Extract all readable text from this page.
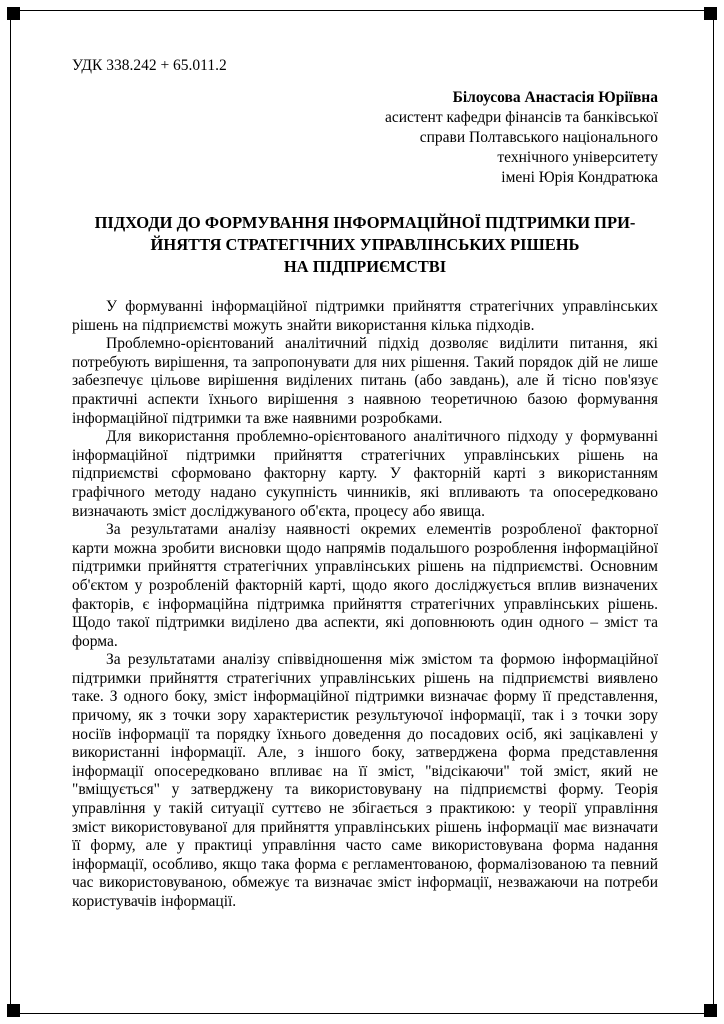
УДК 338.242 + 65.011.2
Білоусова Анастасія Юріївна
асистент кафедри фінансів та банківської
справи Полтавського національного
технічного університету
імені Юрія Кондратюка
ПІДХОДИ ДО ФОРМУВАННЯ ІНФОРМАЦІЙНОЇ ПІДТРИМКИ ПРИ-
ЙНЯТТЯ СТРАТЕГІЧНИХ УПРАВЛІНСЬКИХ РІШЕНЬ
НА ПІДПРИЄМСТВІ

У формуванні інформаційної підтримки прийняття стратегічних управлінських рішень на підприємстві можуть знайти використання кілька підходів.

Проблемно-орієнтований аналітичний підхід дозволяє виділити питання, які потребують вирішення, та запропонувати для них рішення. Такий порядок дій не лише забезпечує цільове вирішення виділених питань (або завдань), але й тісно пов'язує практичні аспекти їхнього вирішення з наявною теоретичною базою формування інформаційної підтримки та вже наявними розробками.

Для використання проблемно-орієнтованого аналітичного підходу у формуванні інформаційної підтримки прийняття стратегічних управлінських рішень на підприємстві сформовано факторну карту. У факторній карті з використанням графічного методу надано сукупність чинників, які впливають та опосередковано визначають зміст досліджуваного об'єкта, процесу або явища.

За результатами аналізу наявності окремих елементів розробленої факторної карти можна зробити висновки щодо напрямів подальшого розроблення інформаційної підтримки прийняття стратегічних управлінських рішень на підприємстві. Основним об'єктом у розробленій факторній карті, щодо якого досліджується вплив визначених факторів, є інформаційна підтримка прийняття стратегічних управлінських рішень. Щодо такої підтримки виділено два аспекти, які доповнюють один одного – зміст та форма.

За результатами аналізу співвідношення між змістом та формою інформаційної підтримки прийняття стратегічних управлінських рішень на підприємстві виявлено таке. З одного боку, зміст інформаційної підтримки визначає форму її представлення, причому, як з точки зору характеристик результуючої інформації, так і з точки зору носіїв інформації та порядку їхнього доведення до посадових осіб, які зацікавлені у використанні інформації. Але, з іншого боку, затверджена форма представлення інформації опосередковано впливає на її зміст, "відсікаючи" той зміст, який не "вміщується" у затверджену та використовувану на підприємстві форму. Теорія управління у такій ситуації суттєво не збігається з практикою: у теорії управління зміст використовуваної для прийняття управлінських рішень інформації має визначати її форму, але у практиці управління часто саме використовувана форма надання інформації, особливо, якщо така форма є регламентованою, формалізованою та певний час використовуваною, обмежує та визначає зміст інформації, незважаючи на потреби користувачів інформації.
